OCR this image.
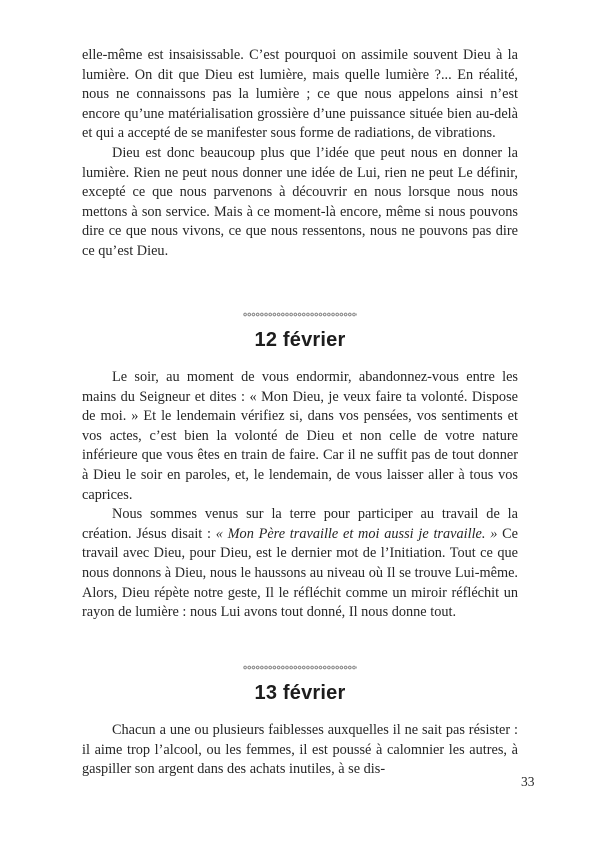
elle-même est insaisissable. C’est pourquoi on assimile souvent Dieu à la lumière. On dit que Dieu est lumière, mais quelle lumière ?... En réalité, nous ne connaissons pas la lumière ; ce que nous appelons ainsi n’est encore qu’une matérialisation grossière d’une puissance située bien au-delà et qui a accepté de se manifester sous forme de radiations, de vibrations.

Dieu est donc beaucoup plus que l’idée que peut nous en donner la lumière. Rien ne peut nous donner une idée de Lui, rien ne peut Le définir, excepté ce que nous parvenons à découvrir en nous lorsque nous nous mettons à son service. Mais à ce moment-là encore, même si nous pouvons dire ce que nous vivons, ce que nous ressentons, nous ne pouvons pas dire ce qu’est Dieu.

12 février

Le soir, au moment de vous endormir, abandonnez-vous entre les mains du Seigneur et dites : « Mon Dieu, je veux faire ta volonté. Dispose de moi. » Et le lendemain vérifiez si, dans vos pensées, vos sentiments et vos actes, c’est bien la volonté de Dieu et non celle de votre nature inférieure que vous êtes en train de faire. Car il ne suffit pas de tout donner à Dieu le soir en paroles, et, le lendemain, de vous laisser aller à tous vos caprices.

Nous sommes venus sur la terre pour participer au travail de la création. Jésus disait : « Mon Père travaille et moi aussi je travaille. » Ce travail avec Dieu, pour Dieu, est le dernier mot de l’Initiation. Tout ce que nous donnons à Dieu, nous le haussons au niveau où Il se trouve Lui-même. Alors, Dieu répète notre geste, Il le réfléchit comme un miroir réfléchit un rayon de lumière : nous Lui avons tout donné, Il nous donne tout.

13 février

Chacun a une ou plusieurs faiblesses auxquelles il ne sait pas résister : il aime trop l’alcool, ou les femmes, il est poussé à calomnier les autres, à gaspiller son argent dans des achats inutiles, à se dis-

33
